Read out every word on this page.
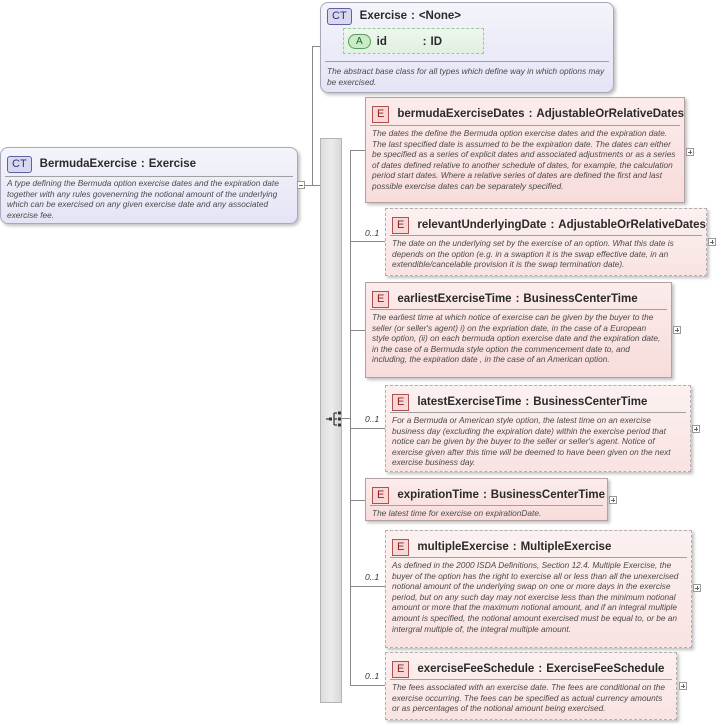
CT	BermudaExercise : Exercise
A type defining the Bermuda option exercise dates and the expiration date together with any rules govenerning the notional amount of the underlying which can be exercised on any given exercise date and any associated exercise fee.
CT	Exercise : <None>
A	id	: ID
The abstract base class for all types which define way in which options may be exercised.
E	bermudaExerciseDates : AdjustableOrRelativeDates
The dates the define the Bermuda option exercise dates and the expiration date. The last specified date is assumed to be the expiration date. The dates can either be specified as a series of explicit dates and associated adjustments or as a series of dates defined relative to another schedule of dates, for example, the calculation period start dates. Where a relative series of dates are defined the first and last possible exercise dates can be separately specified.
0..1
E	relevantUnderlyingDate : AdjustableOrRelativeDates
The date on the underlying set by the exercise of an option. What this date is depends on the option (e.g. in a swaption it is the swap effective date, in an extendible/cancelable provision it is the swap termination date).
E	earliestExerciseTime : BusinessCenterTime
The earliest time at which notice of exercise can be given by the buyer to the seller (or seller's agent) i) on the expriation date, in the case of a European style option, (ii) on each bermuda option exercise date and the expiration date, in the case of a Bermuda style option the commencement date to, and including, the expiration date , in the case of an American option.
0..1
E	latestExerciseTime : BusinessCenterTime
For a Bermuda or American style option, the latest time on an exercise business day (excluding the expiration date) within the exercise period that notice can be given by the buyer to the seller or seller's agent. Notice of exercise given after this time will be deemed to have been given on the next exercise business day.
E	expirationTime : BusinessCenterTime
The latest time for exercise on expirationDate.
0..1
E	multipleExercise : MultipleExercise
As defined in the 2000 ISDA Definitions, Section 12.4. Multiple Exercise, the buyer of the option has the right to exercise all or less than all the unexercised notional amount of the underlying swap on one or more days in the exercise period, but on any such day may not exercise less than the minimum notional amount or more that the maximum notional amount, and if an integral multiple amount is specified, the notional amount exercised must be equal to, or be an intergral multiple of, the integral multiple amount.
0..1
E	exerciseFeeSchedule : ExerciseFeeSchedule
The fees associated with an exercise date. The fees are conditional on the exercise occurring. The fees can be specified as actual currency amounts or as percentages of the notional amount being exercised.
